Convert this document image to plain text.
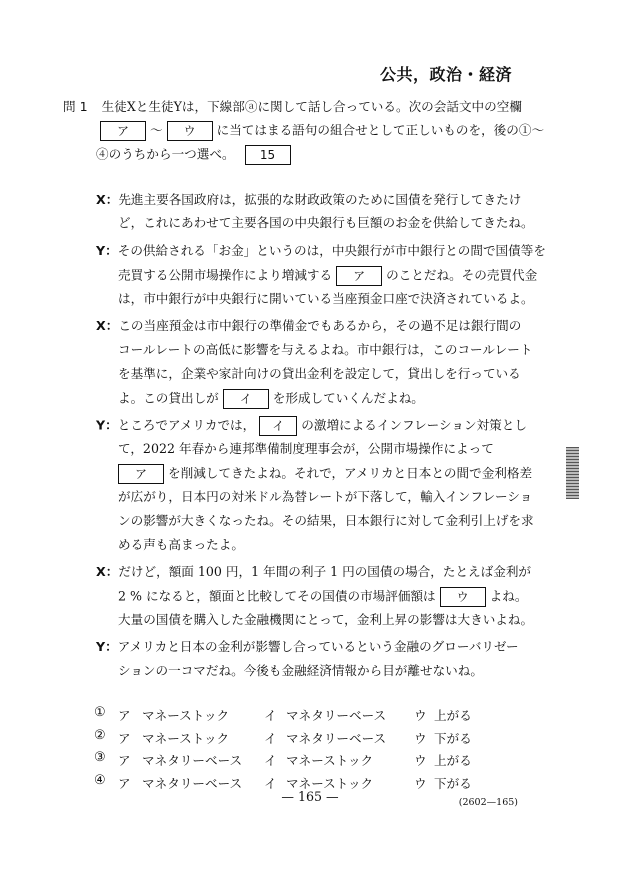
公共，政治・経済
問 1 生徒Xと生徒Yは，下線部ⓐに関して話し合っている。次の会話文中の空欄
ア 〜 ウ に当てはまる語句の組合せとして正しいものを，後の①〜
④のうちから一つ選べ。 15
X：先進主要各国政府は，拡張的な財政政策のために国債を発行してきたけ
ど，これにあわせて主要各国の中央銀行も巨額のお金を供給してきたね。
Y：その供給される「お金」というのは，中央銀行が市中銀行との間で国債等を
売買する公開市場操作により増減する ア のことだね。その売買代金
は，市中銀行が中央銀行に開いている当座預金口座で決済されているよ。
X：この当座預金は市中銀行の準備金でもあるから，その過不足は銀行間の
コールレートの高低に影響を与えるよね。市中銀行は，このコールレート
を基準に，企業や家計向けの貸出金利を設定して，貸出しを行っている
よ。この貸出しが イ を形成していくんだよね。
Y：ところでアメリカでは， イ の激増によるインフレーション対策とし
て，2022 年春から連邦準備制度理事会が，公開市場操作によって
ア を削減してきたよね。それで，アメリカと日本との間で金利格差
が広がり，日本円の対米ドル為替レートが下落して，輸入インフレーショ
ンの影響が大きくなったね。その結果，日本銀行に対して金利引上げを求
める声も高まったよ。
X：だけど，額面 100 円，1 年間の利子 1 円の国債の場合，たとえば金利が
2 % になると，額面と比較してその国債の市場評価額は ウ よね。
大量の国債を購入した金融機関にとって，金利上昇の影響は大きいよね。
Y：アメリカと日本の金利が影響し合っているという金融のグローバリゼー
ションの一コマだね。今後も金融経済情報から目が離せないね。
① ア マネーストック	イ マネタリーベース ウ 上がる
② ア マネーストック	イ マネタリーベース ウ 下がる
③ ア マネタリーベース イ マネーストック	ウ 上がる
④ ア マネタリーベース イ マネーストック	ウ 下がる
— 165 —	(2602—165)
